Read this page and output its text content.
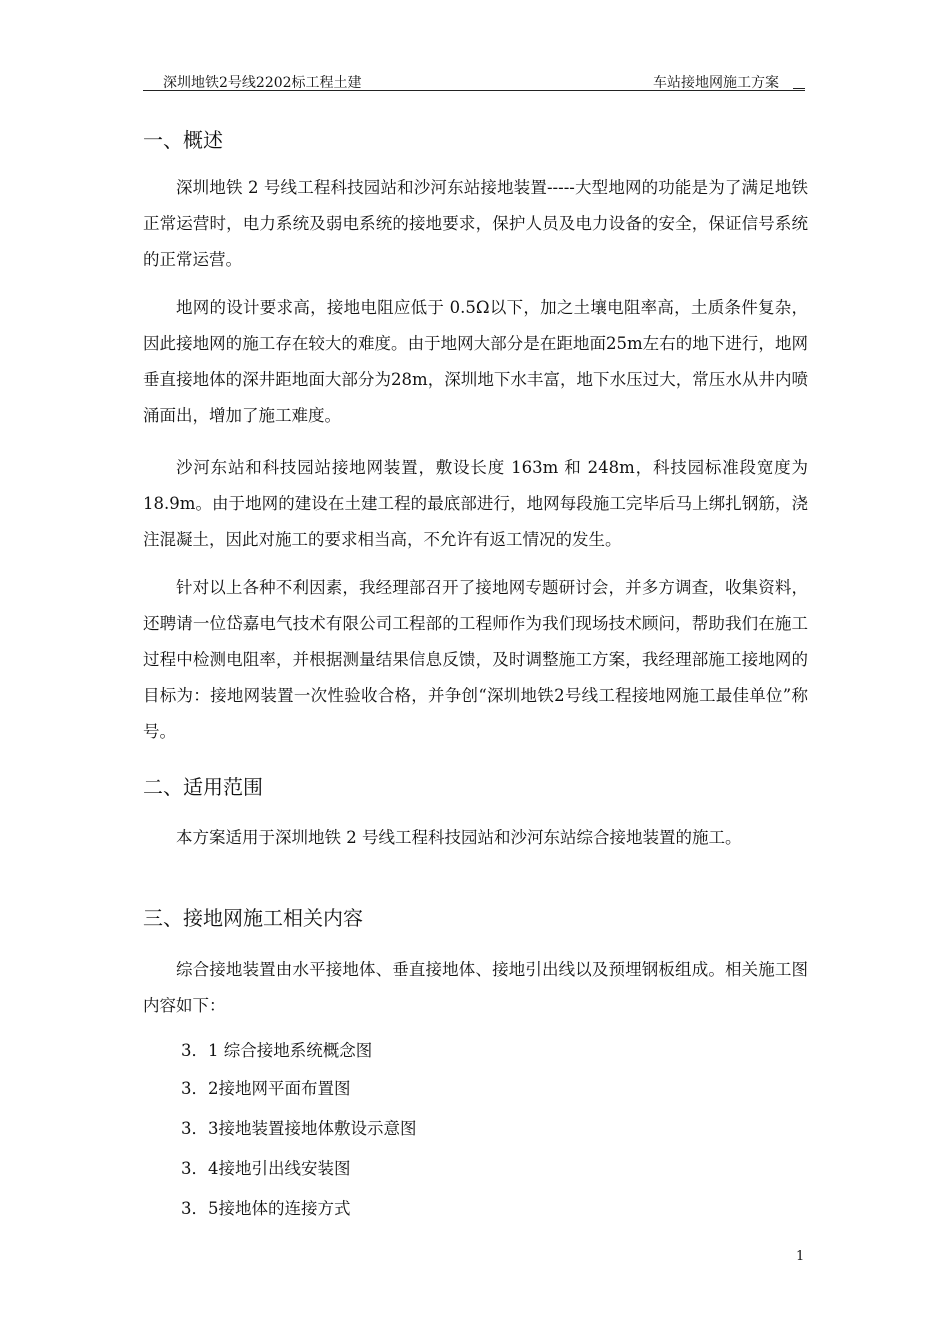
深圳地铁2号线2202标工程土建	车站接地网施工方案
一、概述

深圳地铁 2 号线工程科技园站和沙河东站接地装置-----大型地网的功能是为了满足地铁正常运营时，电力系统及弱电系统的接地要求，保护人员及电力设备的安全，保证信号系统的正常运营。

地网的设计要求高，接地电阻应低于 0.5Ω以下，加之土壤电阻率高，土质条件复杂，因此接地网的施工存在较大的难度。由于地网大部分是在距地面25m左右的地下进行，地网垂直接地体的深井距地面大部分为28m，深圳地下水丰富，地下水压过大，常压水从井内喷涌面出，增加了施工难度。

沙河东站和科技园站接地网装置，敷设长度 163m 和 248m，科技园标准段宽度为18.9m。由于地网的建设在土建工程的最底部进行，地网每段施工完毕后马上绑扎钢筋，浇注混凝土，因此对施工的要求相当高，不允许有返工情况的发生。

针对以上各种不利因素，我经理部召开了接地网专题研讨会，并多方调查，收集资料，还聘请一位岱嘉电气技术有限公司工程部的工程师作为我们现场技术顾问，帮助我们在施工过程中检测电阻率，并根据测量结果信息反馈，及时调整施工方案，我经理部施工接地网的目标为：接地网装置一次性验收合格，并争创“深圳地铁2号线工程接地网施工最佳单位”称号。

二、适用范围

本方案适用于深圳地铁 2 号线工程科技园站和沙河东站综合接地装置的施工。

三、接地网施工相关内容

综合接地装置由水平接地体、垂直接地体、接地引出线以及预埋钢板组成。相关施工图内容如下：

3．1 综合接地系统概念图
3．2接地网平面布置图
3．3接地装置接地体敷设示意图
3．4接地引出线安装图
3．5接地体的连接方式
1
